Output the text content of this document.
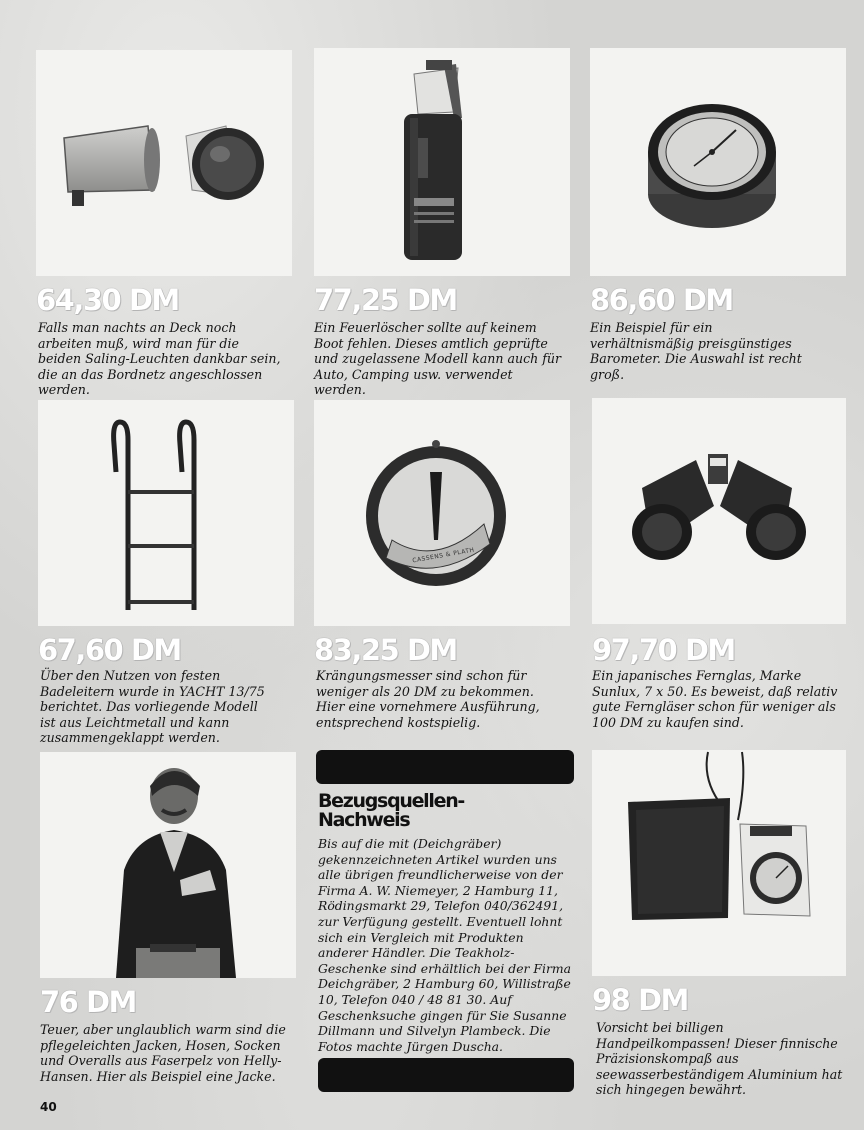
64,30 DM	77,25 DM	86,60 DM

Falls man nachts an Deck noch arbeiten muß, wird man für die beiden Saling-Leuchten dankbar sein, die an das Bordnetz angeschlossen werden.

Ein Feuerlöscher sollte auf keinem Boot fehlen. Dieses amtlich geprüfte und zugelassene Modell kann auch für Auto, Camping usw. verwendet werden.

Ein Beispiel für ein verhältnismäßig preisgünstiges Barometer. Die Auswahl ist recht groß.

CASSENS & PLATH
67,60 DM	83,25 DM	97,70 DM

Über den Nutzen von festen Badeleitern wurde in YACHT 13/75 berichtet. Das vorliegende Modell ist aus Leichtmetall und kann zusammengeklappt werden.

Krängungsmesser sind schon für weniger als 20 DM zu bekommen. Hier eine vornehmere Ausführung, entsprechend kostspielig.

Ein japanisches Fernglas, Marke Sunlux, 7 x 50. Es beweist, daß relativ gute Ferngläser schon für weniger als 100 DM zu kaufen sind.

Bezugsquellen-
Nachweis

Bis auf die mit (Deichgräber) gekennzeichneten Artikel wurden uns alle übrigen freundlicherweise von der Firma A. W. Niemeyer, 2 Hamburg 11, Rödingsmarkt 29, Telefon 040/362491, zur Verfügung gestellt. Eventuell lohnt sich ein Vergleich mit Produkten anderer Händler. Die Teakholz-Geschenke sind erhältlich bei der Firma Deichgräber, 2 Hamburg 60, Willistraße 10, Telefon 040 / 48 81 30. Auf Geschenksuche gingen für Sie Susanne Dillmann und Silvelyn Plambeck. Die Fotos machte Jürgen Duscha.

76 DM	98 DM

Teuer, aber unglaublich warm sind die pflegeleichten Jacken, Hosen, Socken und Overalls aus Faserpelz von Helly-Hansen. Hier als Beispiel eine Jacke.

Vorsicht bei billigen Handpeilkompassen! Dieser finnische Präzisionskompaß aus seewasserbeständigem Aluminium hat sich hingegen bewährt.

40
